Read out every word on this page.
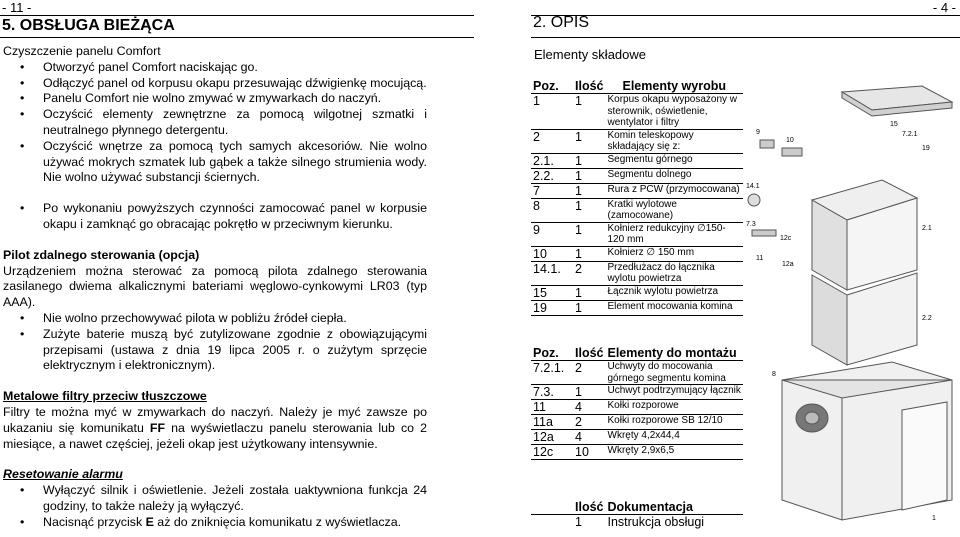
- 11 -
5. OBSŁUGA BIEŻĄCA

Czyszczenie panelu Comfort

• Otworzyć panel Comfort naciskając go.
• Odłączyć panel od korpusu okapu przesuwając dźwigienkę mocującą.
• Panelu Comfort nie wolno zmywać w zmywarkach do naczyń.
• Oczyścić elementy zewnętrzne za pomocą wilgotnej szmatki i neutralnego płynnego detergentu.
• Oczyścić wnętrze za pomocą tych samych akcesoriów. Nie wolno używać mokrych szmatek lub gąbek a także silnego strumienia wody. Nie wolno używać substancji ściernych.
• Po wykonaniu powyższych czynności zamocować panel w korpusie okapu i zamknąć go obracając pokrętło w przeciwnym kierunku.

Pilot zdalnego sterowania (opcja)

Urządzeniem można sterować za pomocą pilota zdalnego sterowania zasilanego dwiema alkalicznymi bateriami węglowo-cynkowymi LR03 (typ AAA).

• Nie wolno przechowywać pilota w pobliżu źródeł ciepła.
• Zużyte baterie muszą być zutylizowane zgodnie z obowiązującymi przepisami (ustawa z dnia 19 lipca 2005 r. o zużytym sprzęcie elektrycznym i elektronicznym).

Metalowe filtry przeciw tłuszczowe

Filtry te można myć w zmywarkach do naczyń. Należy je myć zawsze po ukazaniu się komunikatu FF na wyświetlaczu panelu sterowania lub co 2 miesiące, a nawet częściej, jeżeli okap jest użytkowany intensywnie.

Resetowanie alarmu

• Wyłączyć silnik i oświetlenie. Jeżeli została uaktywniona funkcja 24 godziny, to także należy ją wyłączyć.
• Nacisnąć przycisk E aż do zniknięcia komunikatu z wyświetlacza.
- 4 -
2. OPIS
Elementy składowe
Poz.	Ilość	Elementy wyrobu
1	1	Korpus okapu wyposażony w sterownik, oświetlenie, wentylator i filtry
2	1	Komin teleskopowy składający się z:
2.1.	1	Segmentu górnego
2.2.	1	Segmentu dolnego
7	1	Rura z PCW (przymocowana)
8	1	Kratki wylotowe (zamocowane)
9	1	Kołnierz redukcyjny ∅150-120 mm
10	1	Kołnierz ∅ 150 mm
14.1.	2	Przedłużacz do łącznika wylotu powietrza
15	1	Łącznik wylotu powietrza
19	1	Element mocowania komina
Poz.	Ilość	Elementy do montażu
7.2.1.	2	Uchwyty do mocowania górnego segmentu komina
7.3.	1	Uchwyt podtrzymujący łącznik
11	4	Kołki rozporowe
11a	2	Kołki rozporowe SB 12/10
12a	4	Wkręty 4,2x44,4
12c	10	Wkręty 2,9x6,5
	Ilość	Dokumentacja
	1	Instrukcja obsługi
15
7.2.1
19
9
10
14.1
7.3
12c
11
12a
2.1
2.2
8
1
